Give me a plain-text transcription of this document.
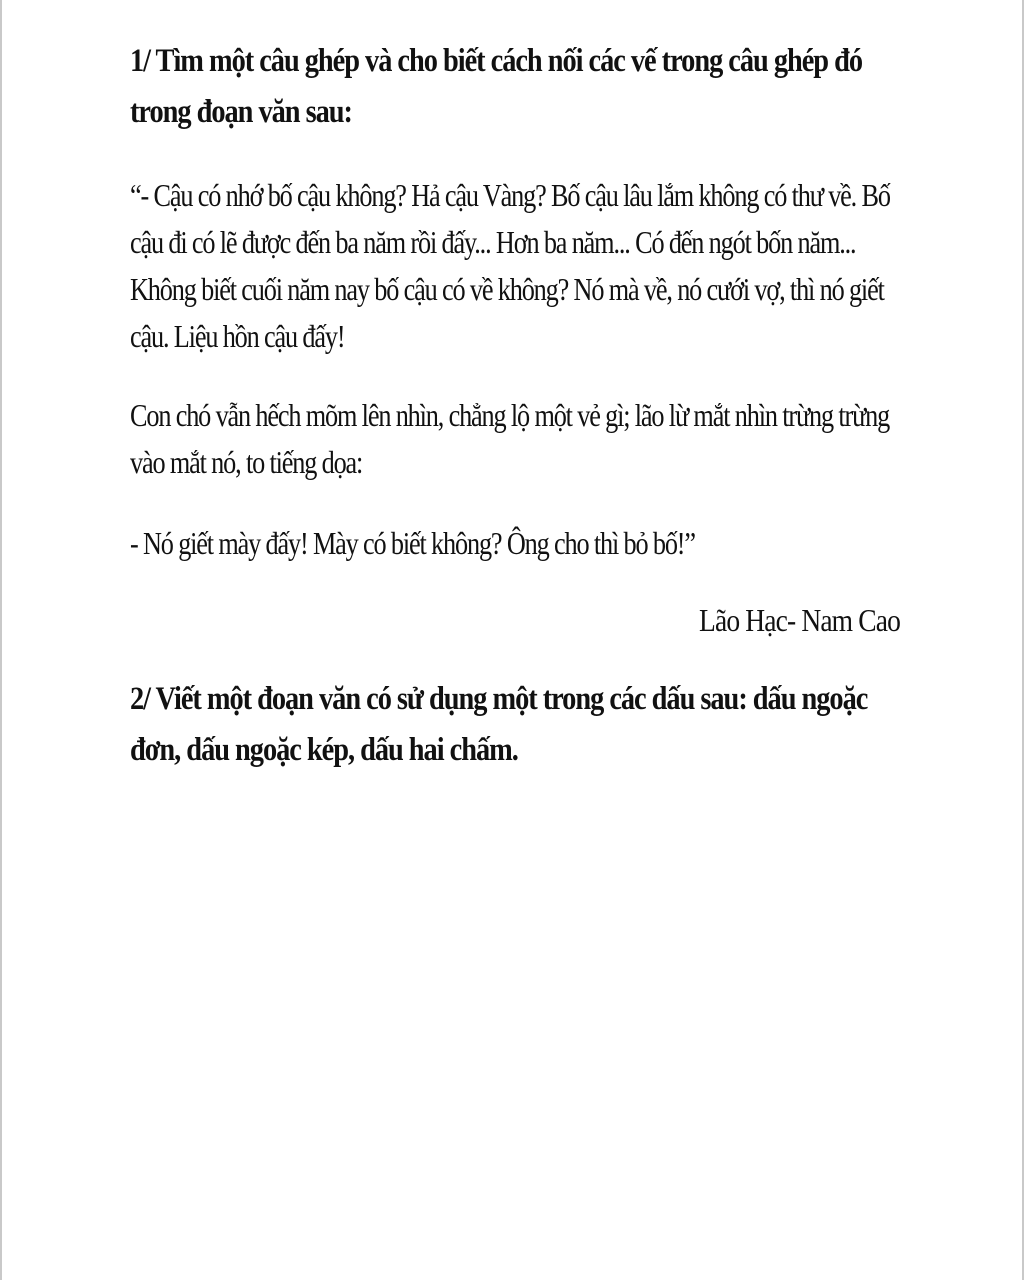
1/ Tìm một câu ghép và cho biết cách nối các vế trong câu ghép đó trong đoạn văn sau:

“- Cậu có nhớ bố cậu không? Hả cậu Vàng? Bố cậu lâu lắm không có thư về. Bố cậu đi có lẽ được đến ba năm rồi đấy... Hơn ba năm... Có đến ngót bốn năm... Không biết cuối năm nay bố cậu có về không? Nó mà về, nó cưới vợ, thì nó giết cậu. Liệu hồn cậu đấy!

Con chó vẫn hếch mõm lên nhìn, chẳng lộ một vẻ gì; lão lừ mắt nhìn trừng trừng vào mắt nó, to tiếng dọa:

- Nó giết mày đấy! Mày có biết không? Ông cho thì bỏ bố!”

Lão Hạc- Nam Cao

2/ Viết một đoạn văn có sử dụng một trong các dấu sau: dấu ngoặc đơn, dấu ngoặc kép, dấu hai chấm.
